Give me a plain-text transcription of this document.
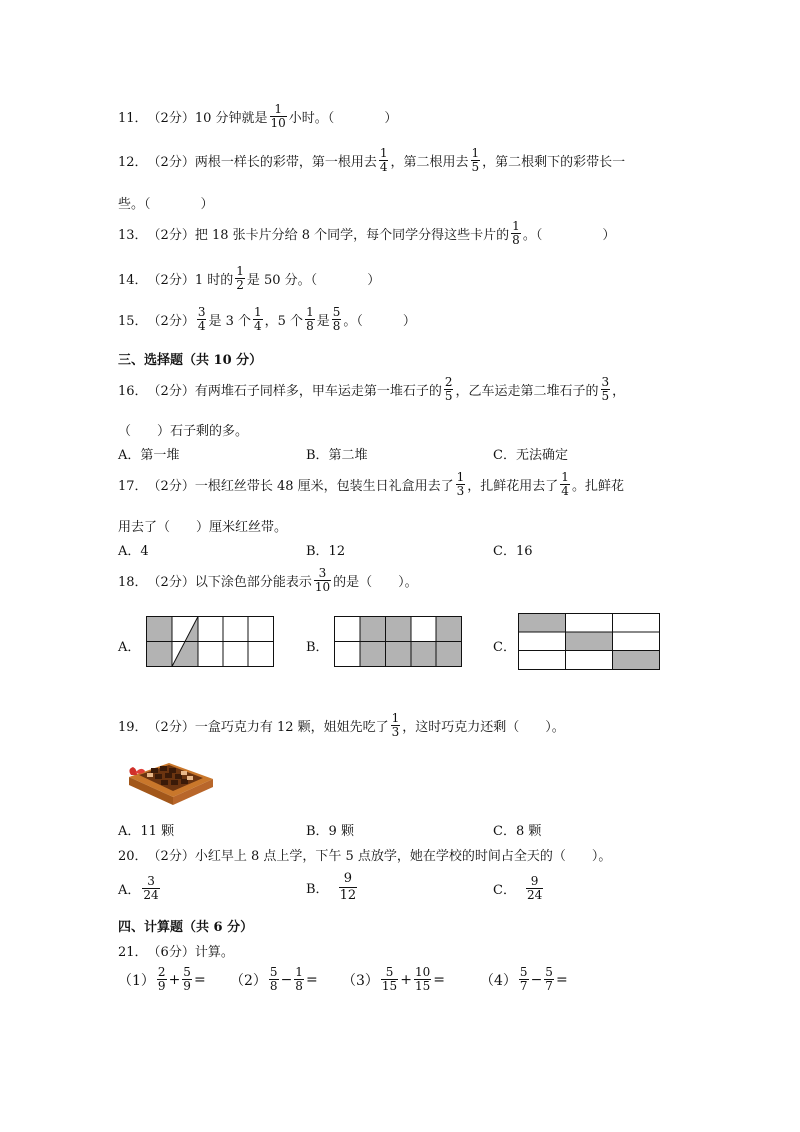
11． （2分） 10 分钟就是
1
10 小时。（	）
12． （2分） 两根一样长的彩带，第一根用去
1
4 ，第二根用去
1
5 ，第二根剩下的彩带长一
些。（	）
13． （2分） 把 18 张卡片分给 8 个同学，每个同学分得这些卡片的
1
8 。（	）
14． （2分） 1 时的
1
2 是 50 分。（	）
15． （2分）
3
4 是 3 个
1
4 ，5 个
1
8 是
5
8 。（	）
三、选择题（共 10 分）
16． （2分） 有两堆石子同样多，甲车运走第一堆石子的
2
5 ，乙车运走第二堆石子的
3
5 ，
（　　）石子剩的多。
A．第一堆	B．第二堆	C．无法确定
17． （2分） 一根红丝带长 48 厘米，包装生日礼盒用去了
1
3 ，扎鲜花用去了
1
4 。扎鲜花
用去了（　　）厘米红丝带。
A．4	B．12	C．16
18． （2分） 以下涂色部分能表示
3
10 的是（　　）。
A．	B．	C．
19． （2分） 一盒巧克力有 12 颗，姐姐先吃了
1
3 ，这时巧克力还剩（　　）。
A．11 颗	B．9 颗	C．8 颗
20． （2分） 小红早上 8 点上学，下午 5 点放学，她在学校的时间占全天的（　　）。
A．
3
24	B．
9
12	C．
9
24
四、计算题（共 6 分）
21． （6分） 计算。
（1）
2
$9 + \frac{5}{9} = (2)$
5
$8 - \frac{1}{8} = (3)$
5
$15 + \frac{10}{15}$ =	（4）
5
$7 - \frac{5}{7}$ =
